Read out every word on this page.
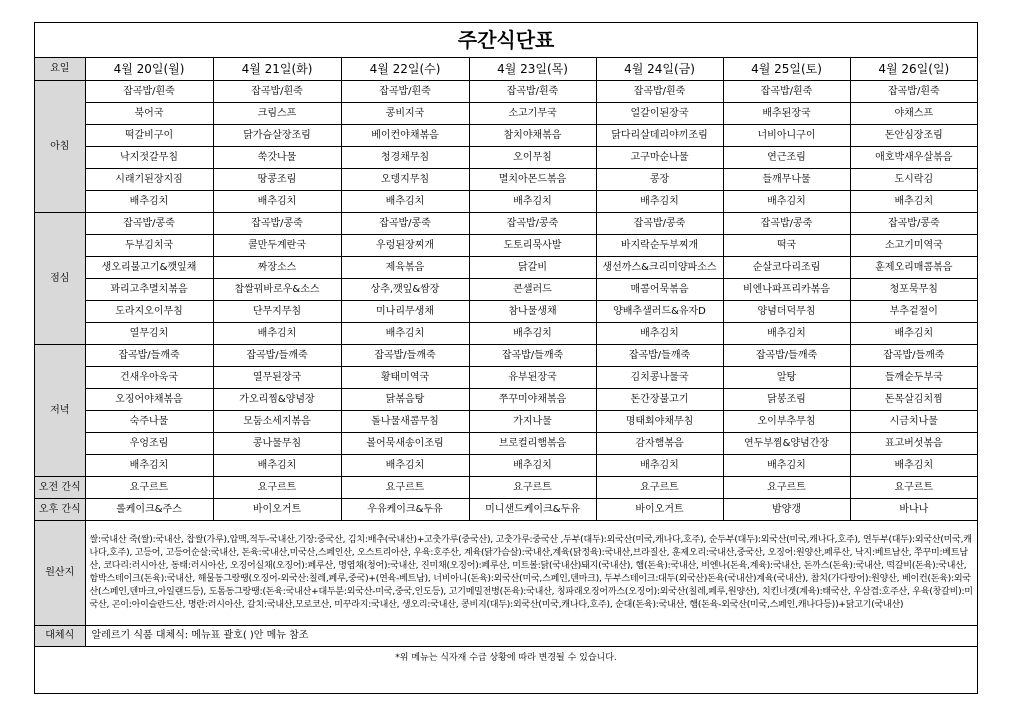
주간식단표							
요일	4월 20일(월)	4월 21일(화)	4월 22일(수)	4월 23일(목)	4월 24일(금)	4월 25일(토)	4월 26일(일)
아침	잡곡밥/흰죽	잡곡밥/흰죽	잡곡밥/흰죽	잡곡밥/흰죽	잡곡밥/흰죽	잡곡밥/흰죽	잡곡밥/흰죽
	북어국	크림스프	콩비지국	소고기무국	얼갈이된장국	배추된장국	야채스프
	떡갈비구이	닭가슴살장조림	베이컨야채볶음	참치야채볶음	닭다리살데리야끼조림	너비아니구이	돈안심장조림
	낙지젓갈무침	쑥갓나물	청경채무침	오이무침	고구마순나물	연근조림	애호박새우살볶음
	시래기된장지짐	땅콩조림	오뎅지무침	멸치아몬드볶음	콩장	들깨무나물	도시락김
	배추김치	배추김치	배추김치	배추김치	배추김치	배추김치	배추김치
점심	잡곡밥/콩죽	잡곡밥/콩죽	잡곡밥/콩죽	잡곡밥/콩죽	잡곡밥/콩죽	잡곡밥/콩죽	잡곡밥/콩죽
	두부김치국	콜만두계란국	우렁된장찌개	도토리묵사발	바지락순두부찌개	떡국	소고기미역국
	생오리불고기&깻잎채	짜장소스	제육볶음	닭갈비	생선까스&크리미양파소스	순살코다리조림	훈제오리매콤볶음
	꽈리고추멸치볶음	찹쌀꿔바로우&소스	상추,깻잎&쌈장	콘샐러드	매콤어묵볶음	비엔나파프리카볶음	청포묵무침
	도라지오이무침	단무지무침	미나리무생채	참나물생채	양배추샐러드&유자D	양념더덕무침	부추겉절이
	열무김치	배추김치	배추김치	배추김치	배추김치	배추김치	배추김치
저녁	잡곡밥/들깨죽	잡곡밥/들깨죽	잡곡밥/들깨죽	잡곡밥/들깨죽	잡곡밥/들깨죽	잡곡밥/들깨죽	잡곡밥/들깨죽
	건새우아욱국	열무된장국	황태미역국	유부된장국	김치콩나물국	알탕	들깨순두부국
	오징어야채볶음	가오리찜&양념장	닭볶음탕	쭈꾸미야채볶음	돈간장불고기	닭봉조림	돈목살김치찜
	숙주나물	모둠소세지볶음	돌나물새콤무침	가지나물	명태회야채무침	오이부추무침	시금치나물
	우엉조림	콩나물무침	볼어묵새송이조림	브로컬리햄볶음	감자햄볶음	연두부찜&양념간장	표고버섯볶음
	배추김치	배추김치	배추김치	배추김치	배추김치	배추김치	배추김치
오전 간식	요구르트	요구르트	요구르트	요구르트	요구르트	요구르트	요구르트
오후 간식	롤케이크&주스	바이오거트	우유케이크&두유	미니샌드케이크&두유	바이오거트	밤양갱	바나나
원산지	쌀:국내산 죽(쌀):국내산, 찹쌀(가루),압맥,적두-국내산,기장:중국산, 김치:배추(국내산)+고춧가루(중국산), 고춧가루:중국산 ,두부(대두):외국산(미국,캐나다,호주), 순두부(대두):외국산(미국,캐나다,호주), 연두부(대두):외국산(미국,캐나다,호주), 고등어, 고등어순살:국내산, 돈육:국내산,미국산,스페인산, 오스트리아산, 우육:호주산, 계육(닭가슴살):국내산,계육(닭정육):국내산,브라질산, 훈제오리:국내산,중국산, 오징어:원양산,페루산, 낙지:베트남산, 쭈꾸미:베트남산, 코다리:러시아산, 동태:러시아산, 오징어실채(오징어):페루산, 명엽채(청어):국내산, 진미채(오징어):페루산, 미트볼:닭(국내산)돼지(국내산), 햄(돈육):국내산, 비엔나(돈육,계육):국내산, 돈까스(돈육):국내산, 떡갈비(돈육):국내산, 함박스테이크(돈육):국내산, 해물동그랑땡(오징어-외국산:칠레,페루,중국)+(연육-베트남), 너비아니(돈육):외국산(미국,스페인,덴마크), 두부스테이크:대두(외국산)돈육(국내산)계육(국내산), 참치(가다랑어):원양산, 베이컨(돈육):외국산(스페인,덴마크,아일랜드등), 도톰동그랑땡:(돈육:국내산+대두분:외국산-미국,중국,인도등), 고기메밀전병(돈육):국내산, 칭파래오징어까스(오징어):외국산(칠레,페루,원양산), 치킨너겟(계육):태국산, 우삼겹:호주산, 우육(창갈비):미국산, 곤이:아이슬란드산, 명란:러시아산, 갈치:국내산,모로코산, 미꾸라지:국내산, 생오리:국내산, 콩비지(대두):외국산(미국,캐나다,호주), 순대(돈육):국내산, 햄(돈육-외국산(미국,스페인,캐나다등))+닭고기(국내산)						
대체식	알레르기 식품 대체식: 메뉴표 괄호( )안 메뉴 참조						
*위 메뉴는 식자재 수급 상황에 따라 변경될 수 있습니다.							
